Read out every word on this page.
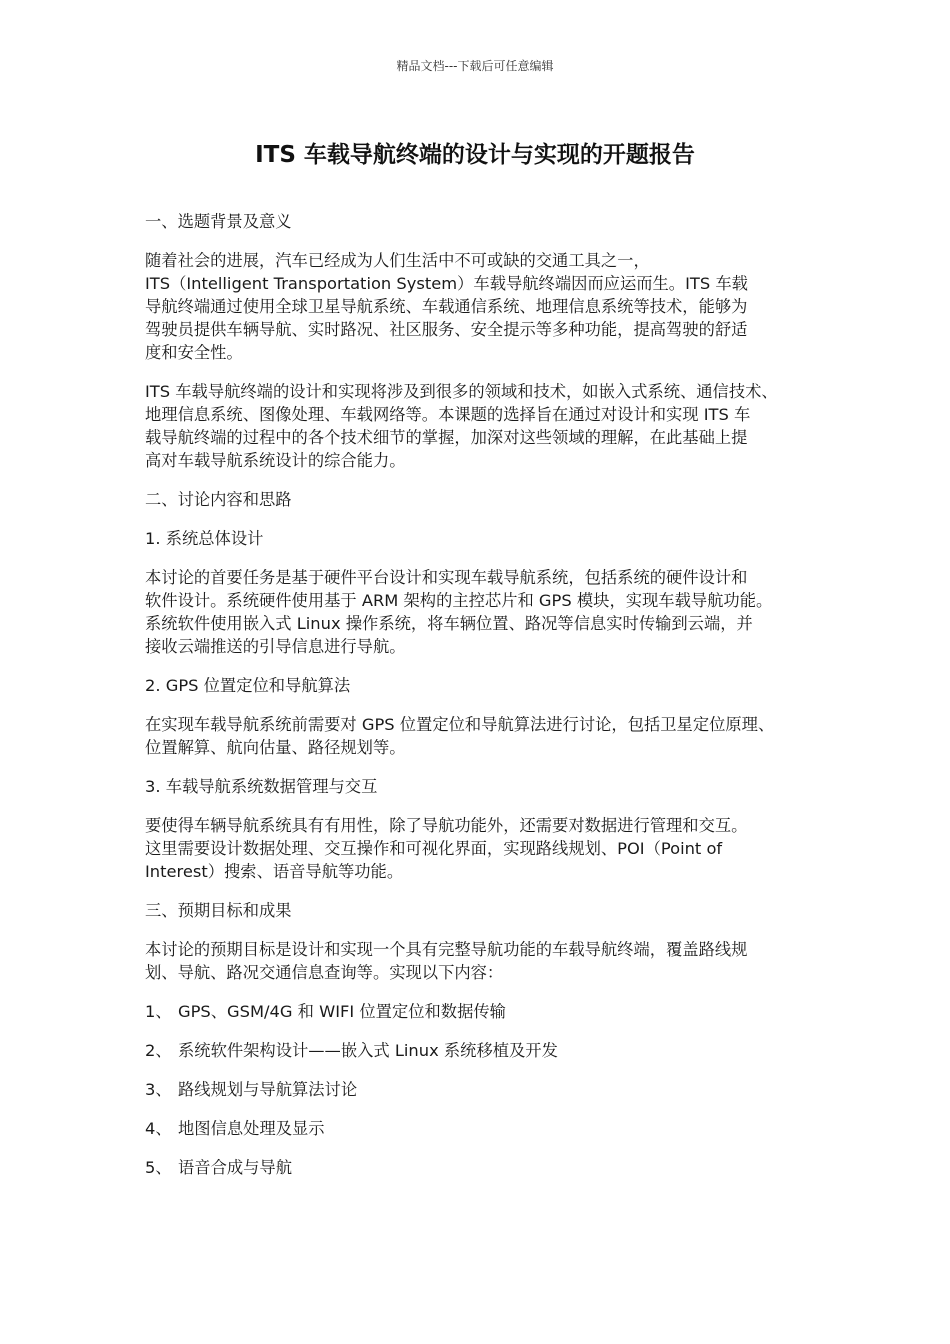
精品文档---下载后可任意编辑
ITS 车载导航终端的设计与实现的开题报告
一、选题背景及意义
随着社会的进展，汽车已经成为人们生活中不可或缺的交通工具之一，
ITS（Intelligent Transportation System）车载导航终端因而应运而生。ITS 车载
导航终端通过使用全球卫星导航系统、车载通信系统、地理信息系统等技术，能够为
驾驶员提供车辆导航、实时路况、社区服务、安全提示等多种功能，提高驾驶的舒适
度和安全性。
ITS 车载导航终端的设计和实现将涉及到很多的领域和技术，如嵌入式系统、通信技术、
地理信息系统、图像处理、车载网络等。本课题的选择旨在通过对设计和实现 ITS 车
载导航终端的过程中的各个技术细节的掌握，加深对这些领域的理解，在此基础上提
高对车载导航系统设计的综合能力。
二、讨论内容和思路
1. 系统总体设计
本讨论的首要任务是基于硬件平台设计和实现车载导航系统，包括系统的硬件设计和
软件设计。系统硬件使用基于 ARM 架构的主控芯片和 GPS 模块，实现车载导航功能。
系统软件使用嵌入式 Linux 操作系统，将车辆位置、路况等信息实时传输到云端，并
接收云端推送的引导信息进行导航。
2. GPS 位置定位和导航算法
在实现车载导航系统前需要对 GPS 位置定位和导航算法进行讨论，包括卫星定位原理、
位置解算、航向估量、路径规划等。
3. 车载导航系统数据管理与交互
要使得车辆导航系统具有有用性，除了导航功能外，还需要对数据进行管理和交互。
这里需要设计数据处理、交互操作和可视化界面，实现路线规划、POI（Point of
Interest）搜索、语音导航等功能。
三、预期目标和成果
本讨论的预期目标是设计和实现一个具有完整导航功能的车载导航终端，覆盖路线规
划、导航、路况交通信息查询等。实现以下内容：
1、 GPS、GSM/4G 和 WIFI 位置定位和数据传输
2、 系统软件架构设计——嵌入式 Linux 系统移植及开发
3、 路线规划与导航算法讨论
4、 地图信息处理及显示
5、 语音合成与导航
